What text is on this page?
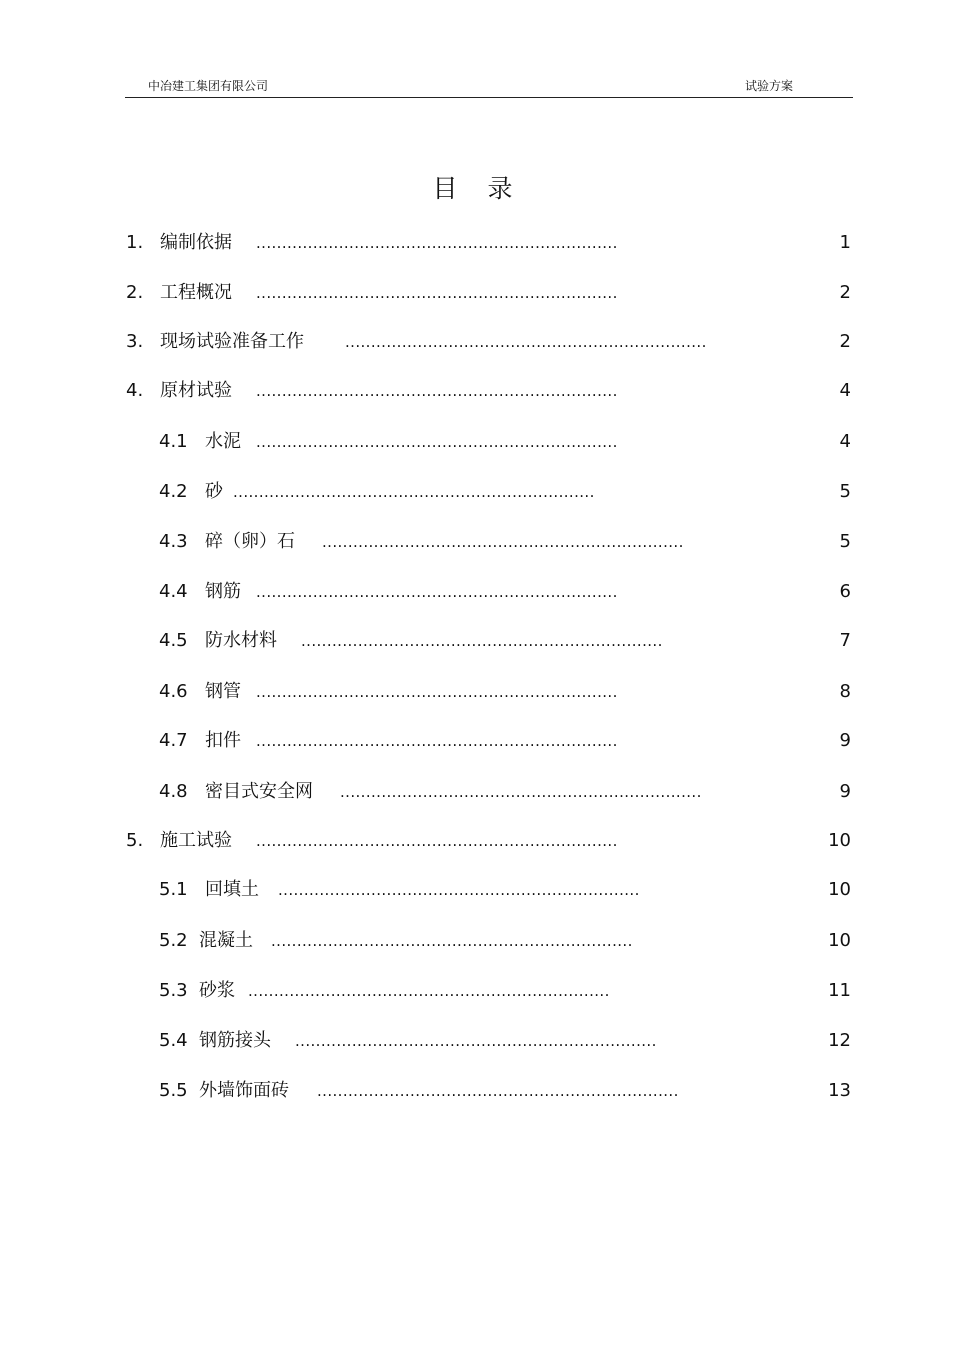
中冶建工集团有限公司	试验方案
目录
1. 编制依据 ......................................................................	1
2. 工程概况 ......................................................................	2
3. 现场试验准备工作	......................................................................	2
4. 原材试验 ......................................................................	4
4.1 水泥 ......................................................................	4
4.2 砂 ......................................................................	5
4.3 碎（卵）石 ......................................................................	5
4.4 钢筋 ......................................................................	6
4.5 防水材料 ......................................................................	7
4.6 钢管 ......................................................................	8
4.7 扣件 ......................................................................	9
4.8 密目式安全网 ......................................................................	9
5. 施工试验 ......................................................................	10
5.1 回填土 ......................................................................	10
5.2 混凝土 ......................................................................	10
5.3 砂浆 ......................................................................	11
5.4 钢筋接头 ......................................................................	12
5.5 外墙饰面砖 ......................................................................	13
